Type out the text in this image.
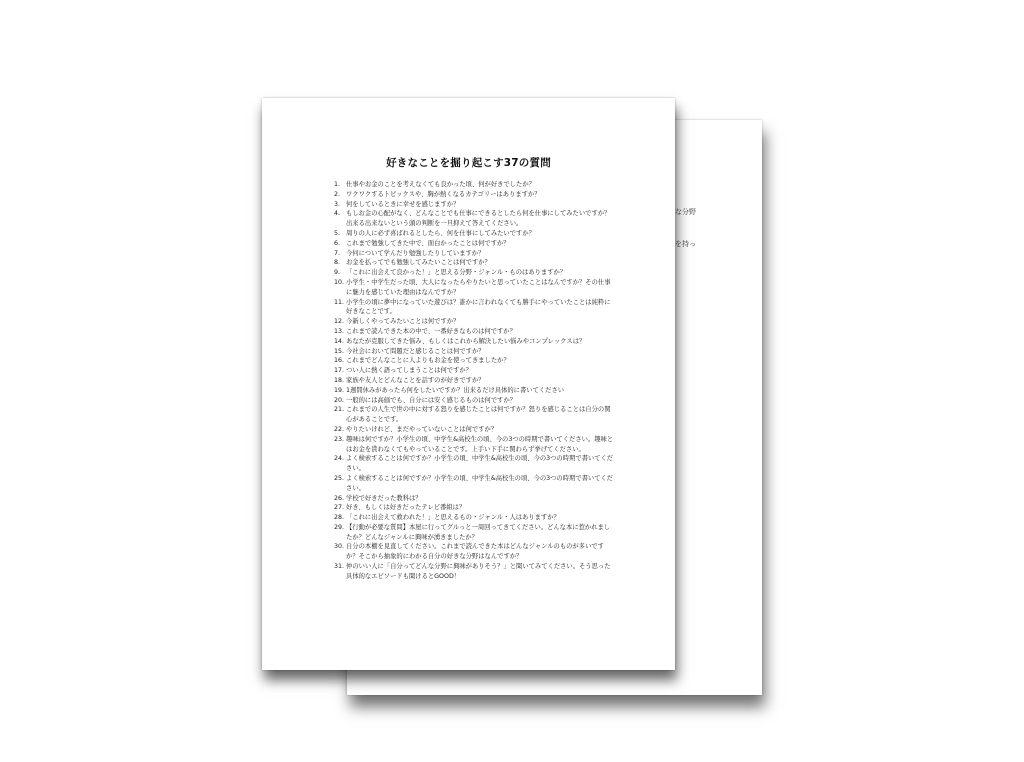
な分野
を持っ
好きなことを掘り起こす37の質問
1. 仕事やお金のことを考えなくても良かった頃、何が好きでしたか？
2. ワクワクするトピックスや、胸が熱くなるカテゴリーはありますか？
3. 何をしているときに幸せを感じますか？
4. もしお金の心配がなく、どんなことでも仕事にできるとしたら何を仕事にしてみたいですか？出来る出来ないという頭の判断を一旦抑えて答えてください。
5. 周りの人に必ず喜ばれるとしたら、何を仕事にしてみたいですか？
6. これまで勉強してきた中で、面白かったことは何ですか？
7. 今何について学んだり勉強したりしていますか？
8. お金を払ってでも勉強してみたいことは何ですか？
9. 「これに出会えて良かった！」と思える分野・ジャンル・ものはありますか？
10. 小学生・中学生だった頃、大人になったらやりたいと思っていたことはなんですか？その仕事に魅力を感じていた理由はなんですか？
11. 小学生の頃に夢中になっていた遊びは？誰かに言われなくても勝手にやっていたことは純粋に好きなことです。
12. 今新しくやってみたいことは何ですか？
13. これまで読んできた本の中で、一番好きなものは何ですか？
14. あなたが克服してきた悩み、もしくはこれから解決したい悩みやコンプレックスは？
15. 今社会において問題だと感じることは何ですか？
16. これまでどんなことに人よりもお金を使ってきましたか？
17. つい人に熱く語ってしまうことは何ですか？
18. 家族や友人とどんなことを話すのが好きですか？
19. 1週間休みがあったら何をしたいですか？出来るだけ具体的に書いてください
20. 一般的には高価でも、自分には安く感じるものは何ですか？
21. これまでの人生で世の中に対する怒りを感じたことは何ですか？怒りを感じることは自分の関心があることです。
22. やりたいけれど、まだやっていないことは何ですか？
23. 趣味は何ですか？小学生の頃、中学生&高校生の頃、今の3つの時期で書いてください。趣味とはお金を貰わなくてもやっていることです。上手い下手に関わらず挙げてください。
24. よく検索することは何ですか？小学生の頃、中学生&高校生の頃、今の3つの時期で書いてください。
25. よく検索することは何ですか？小学生の頃、中学生&高校生の頃、今の3つの時期で書いてください。
26. 学校で好きだった教科は？
27. 好き、もしくは好きだったテレビ番組は？
28. 「これに出会えて救われた！」と思えるもの・ジャンル・人はありますか？
29. 【行動が必要な質問】本屋に行ってグルっと一周回ってきてください。どんな本に惹かれましたか？どんなジャンルに興味が湧きましたか？
30. 自分の本棚を見直してください。これまで読んできた本はどんなジャンルのものが多いですか？そこから抽象的にわかる自分の好きな分野はなんですか？
31. 仲のいい人に「自分ってどんな分野に興味がありそう？」と聞いてみてください。そう思った具体的なエピソードも聞けるとGOOD！
